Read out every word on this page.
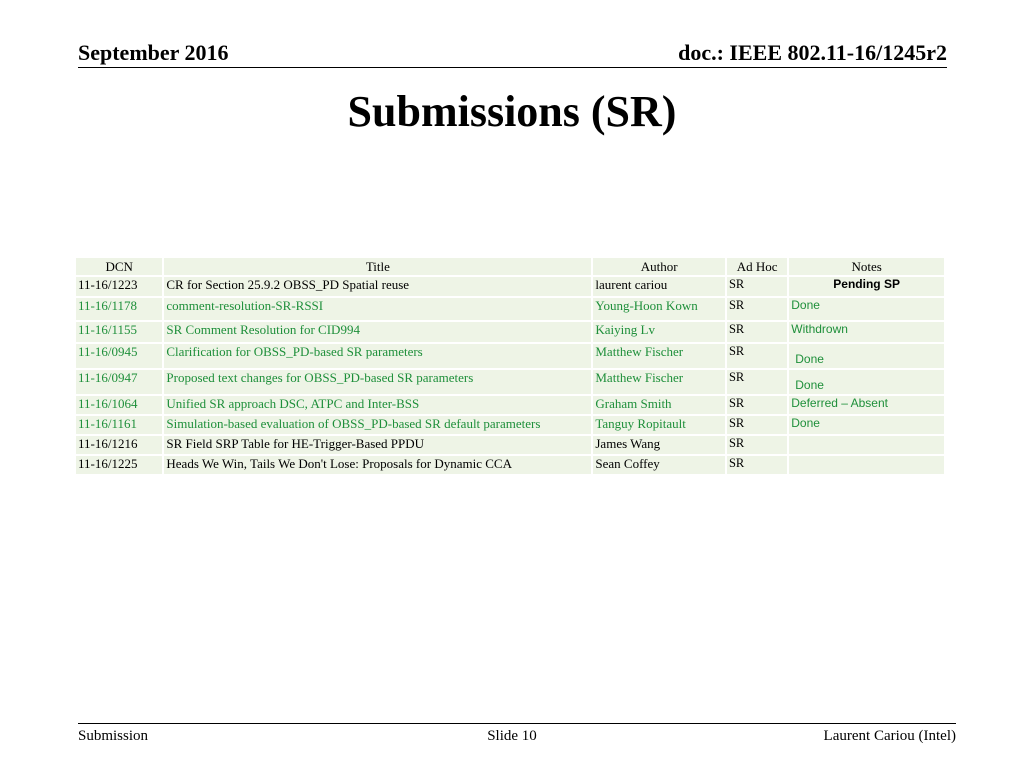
September 2016	doc.: IEEE 802.11-16/1245r2
Submissions (SR)
DCN	Title	Author	Ad Hoc	Notes
11-16/1223	CR for Section 25.9.2 OBSS_PD Spatial reuse	laurent cariou	SR	Pending SP
11-16/1178	comment-resolution-SR-RSSI	Young-Hoon Kown	SR	Done
11-16/1155	SR Comment Resolution for CID994	Kaiying Lv	SR	Withdrown
11-16/0945	Clarification for OBSS_PD-based SR parameters	Matthew Fischer	SR	Done
11-16/0947	Proposed text changes for OBSS_PD-based SR parameters	Matthew Fischer	SR	Done
11-16/1064	Unified SR approach DSC, ATPC and Inter-BSS	Graham Smith	SR	Deferred – Absent
11-16/1161	Simulation-based evaluation of OBSS_PD-based SR default parameters	Tanguy Ropitault	SR	Done
11-16/1216	SR Field SRP Table for HE-Trigger-Based PPDU	James Wang	SR	
11-16/1225	Heads We Win, Tails We Don't Lose: Proposals for Dynamic CCA	Sean Coffey	SR	
Submission	Slide 10	Laurent Cariou (Intel)
